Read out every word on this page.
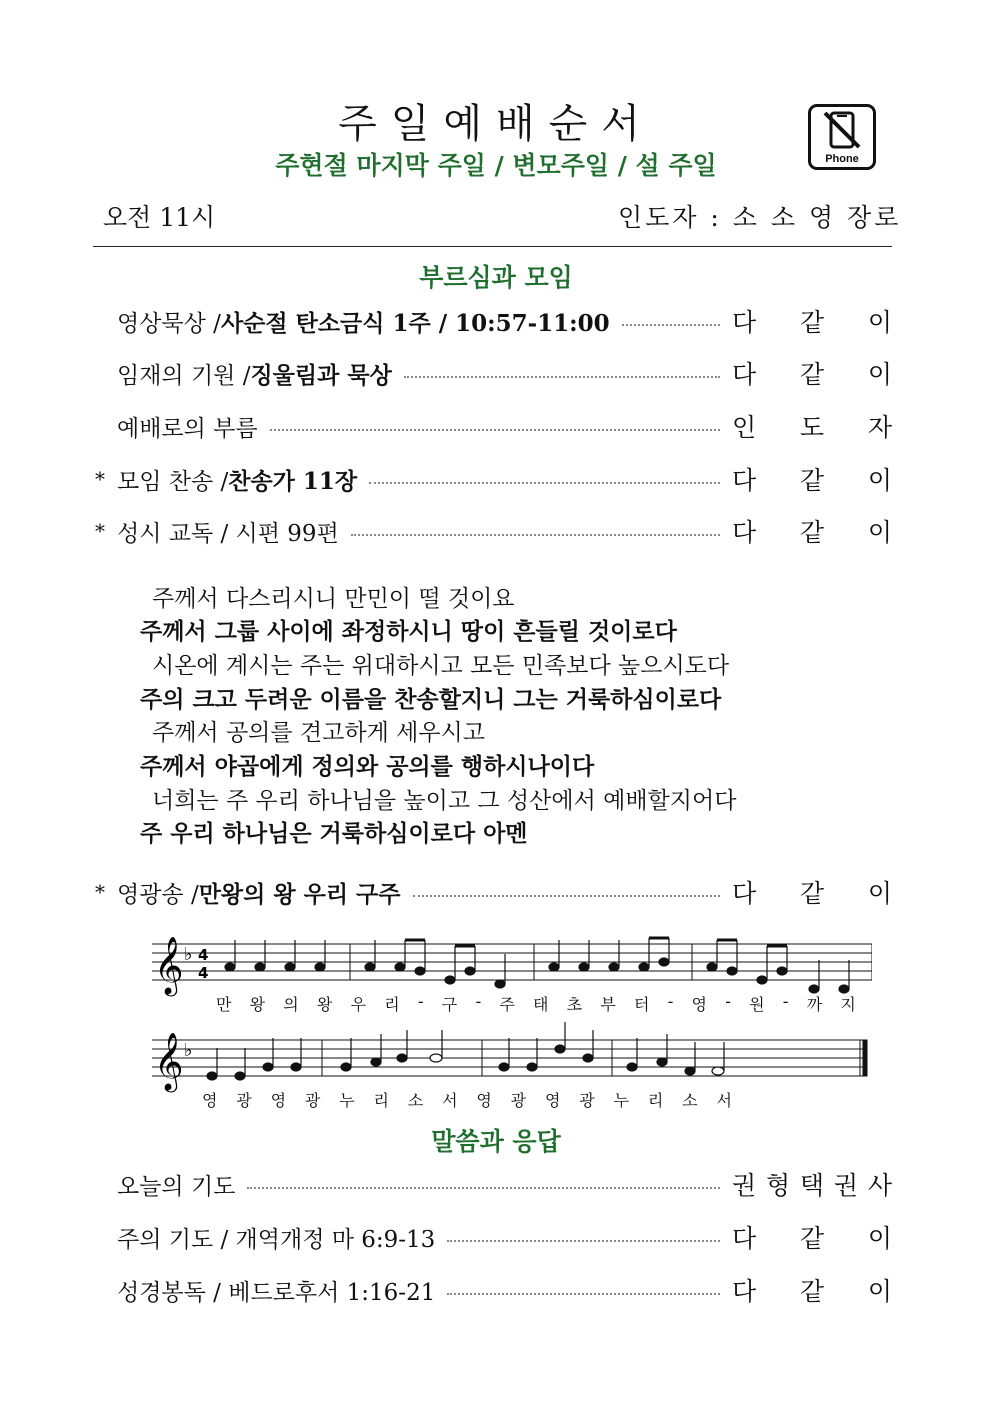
주일예배순서
주현절 마지막 주일 / 변모주일 / 설 주일	Phone
오전 11시	인도자 : 소 소 영 장로
부르심과 모임
영상묵상 / 사순절 탄소금식 1주 / 10:57-11:00	다 같 이
임재의 기원 / 징울림과 묵상	다 같 이
예배로의 부름	인 도 자
* 모임 찬송 / 찬송가 11장	다 같 이
* 성시 교독 / 시편 99편	다 같 이
주께서 다스리시니 만민이 떨 것이요
주께서 그룹 사이에 좌정하시니 땅이 흔들릴 것이로다
시온에 계시는 주는 위대하시고 모든 민족보다 높으시도다
주의 크고 두려운 이름을 찬송할지니 그는 거룩하심이로다
주께서 공의를 견고하게 세우시고
주께서 야곱에게 정의와 공의를 행하시나이다
너희는 주 우리 하나님을 높이고 그 성산에서 예배할지어다
주 우리 하나님은 거룩하심이로다 아멘
* 영광송 / 만왕의 왕 우리 구주	다 같 이
𝄞 ♭ 4
4
𝄞 ♭
만 왕 의 왕 우 리 - 구 - 주 태 초 부 터 - 영 - 원 - 까 지
영 광 영 광 누 리 소 서 영 광 영 광 누 리 소 서
말씀과 응답
오늘의 기도	권 형 택 권 사
주의 기도 / 개역개정 마 6:9-13	다 같 이
성경봉독 / 베드로후서 1:16-21	다 같 이
